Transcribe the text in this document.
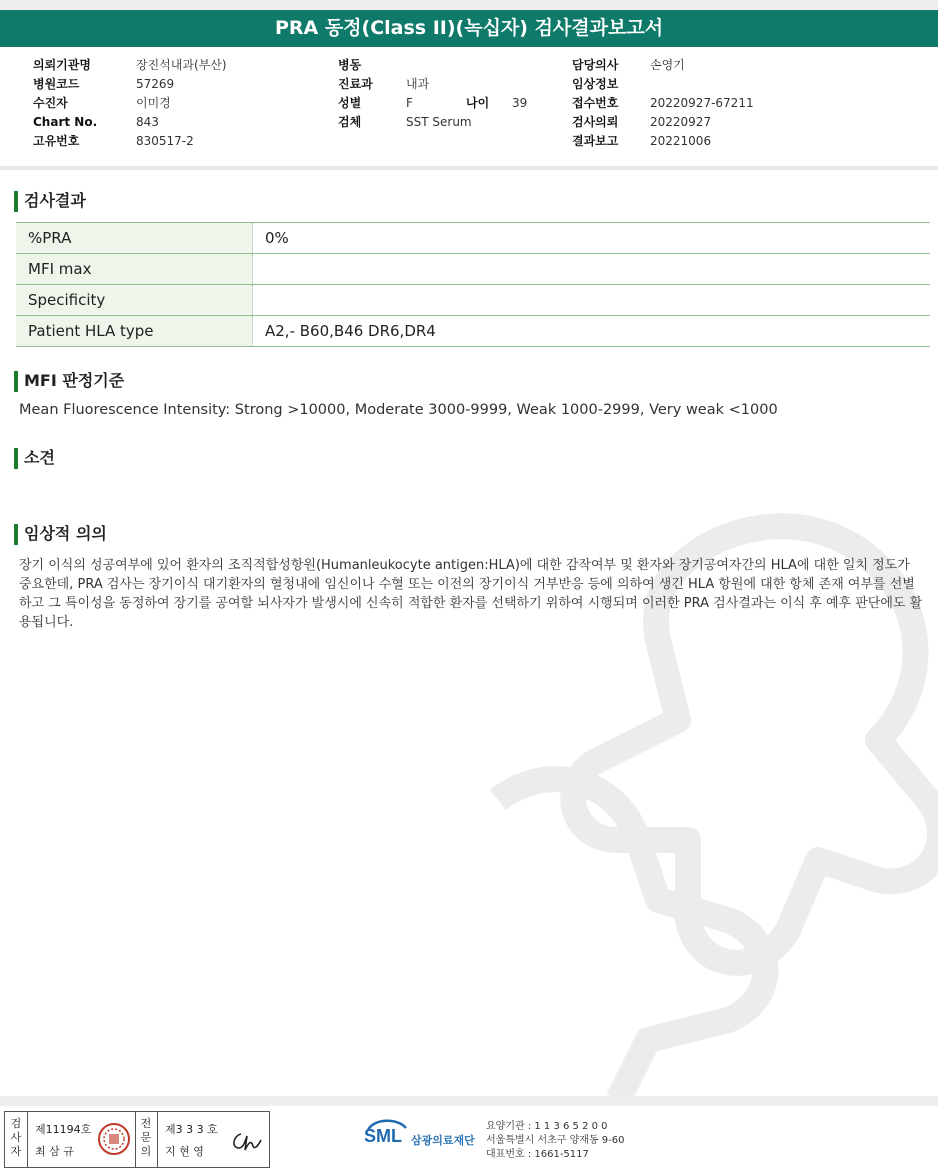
PRA 동정(Class II)(녹십자) 검사결과보고서
의뢰기관명	장진석내과(부산)
병원코드	57269
수진자	이미경
Chart No.	843
고유번호	830517-2
병동
진료과	내과
성별	F	나이 39
검체	SST Serum
담당의사	손영기
임상정보
접수번호	20220927-67211
검사의뢰	20220927
결과보고	20221006
검사결과
%PRA	0%
MFI max	
Specificity	
Patient HLA type	A2,- B60,B46 DR6,DR4
MFI 판정기준
Mean Fluorescence Intensity: Strong >10000, Moderate 3000-9999, Weak 1000-2999, Very weak <1000
소견
임상적 의의
장기 이식의 성공여부에 있어 환자의 조직적합성항원(Humanleukocyte antigen:HLA)에 대한 감작여부 및 환자와 장기공여자간의 HLA에 대한 일치 정도가 중요한데, PRA 검사는 장기이식 대기환자의 혈청내에 임신이나 수혈 또는 이전의 장기이식 거부반응 등에 의하여 생긴 HLA 항원에 대한 항체 존재 여부를 선별하고 그 특이성을 동정하여 장기를 공여할 뇌사자가 발생시에 신속히 적합한 환자를 선택하기 위하여 시행되며 이러한 PRA 검사결과는 이식 후 예후 판단에도 활용됩니다.
검사자
제11194호
최 삼 규
전문의
제3 3 3 호
지 현 영
SML 삼광의료재단
요양기관 : 1 1 3 6 5 2 0 0
서울특별시 서초구 양재동 9-60
대표번호 : 1661-5117
